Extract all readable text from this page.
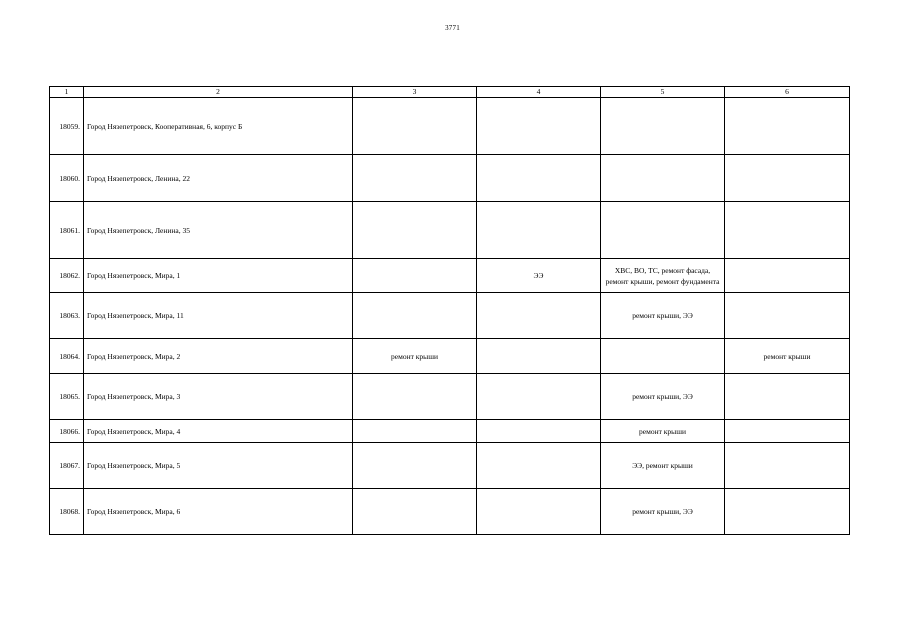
3771
1	2	3	4	5	6
18059.	Город Нязепетровск, Кооперативная, 6, корпус Б				
18060.	Город Нязепетровск, Ленина, 22				
18061.	Город Нязепетровск, Ленина, 35				
18062.	Город Нязепетровск, Мира, 1		ЭЭ	ХВС, ВО, ТС, ремонт фасада, ремонт крыши, ремонт фундамента	
18063.	Город Нязепетровск, Мира, 11			ремонт крыши, ЭЭ	
18064.	Город Нязепетровск, Мира, 2	ремонт крыши			ремонт крыши
18065.	Город Нязепетровск, Мира, 3			ремонт крыши, ЭЭ	
18066.	Город Нязепетровск, Мира, 4			ремонт крыши	
18067.	Город Нязепетровск, Мира, 5			ЭЭ, ремонт крыши	
18068.	Город Нязепетровск, Мира, 6			ремонт крыши, ЭЭ	
